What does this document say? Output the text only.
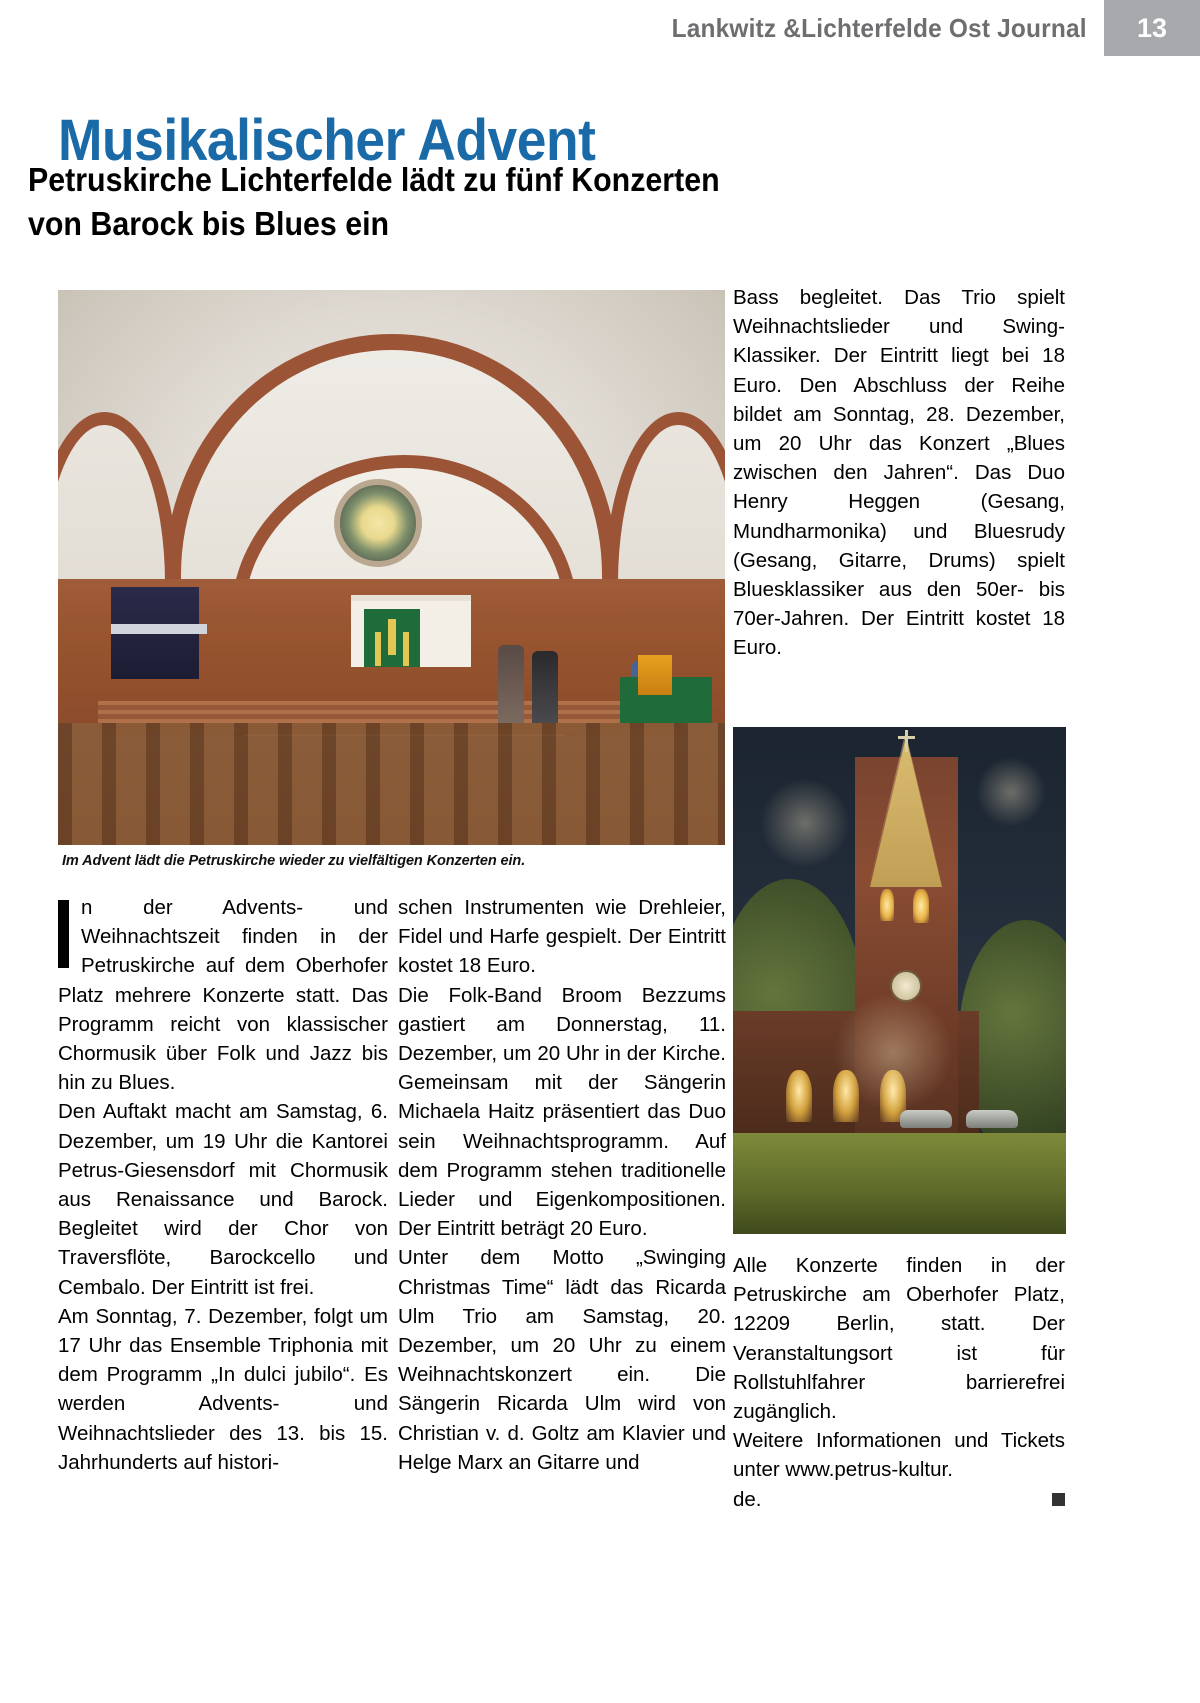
Lankwitz &Lichterfelde Ost Journal	13
Musikalischer Advent
Petruskirche Lichterfelde lädt zu fünf Konzerten
von Barock bis Blues ein
Im Advent lädt die Petruskirche wieder zu vielfältigen Konzerten ein.

Bass begleitet. Das Trio spielt Weihnachtslieder und Swing-Klassiker. Der Eintritt liegt bei 18 Euro. Den Abschluss der Reihe bildet am Sonntag, 28. Dezember, um 20 Uhr das Konzert „Blues zwischen den Jahren“. Das Duo Henry Heggen (Gesang, Mundharmonika) und Bluesrudy (Gesang, Gitarre, Drums) spielt Bluesklassiker aus den 50er- bis 70er-Jahren. Der Eintritt kostet 18 Euro.

n der Advents- und Weihnachtszeit finden in der Petruskirche auf dem Oberhofer Platz mehrere Konzerte statt. Das Programm reicht von klassischer Chormusik über Folk und Jazz bis hin zu Blues.

Den Auftakt macht am Samstag, 6. Dezember, um 19 Uhr die Kantorei Petrus-Giesensdorf mit Chormusik aus Renaissance und Barock. Begleitet wird der Chor von Traversflöte, Barockcello und Cembalo. Der Eintritt ist frei.

Am Sonntag, 7. Dezember, folgt um 17 Uhr das Ensemble Triphonia mit dem Programm „In dulci jubilo“. Es werden Advents- und Weihnachtslieder des 13. bis 15. Jahrhunderts auf histori-

schen Instrumenten wie Drehleier, Fidel und Harfe gespielt. Der Eintritt kostet 18 Euro.

Die Folk-Band Broom Bezzums gastiert am Donnerstag, 11. Dezember, um 20 Uhr in der Kirche. Gemeinsam mit der Sängerin Michaela Haitz präsentiert das Duo sein Weihnachtsprogramm. Auf dem Programm stehen traditionelle Lieder und Eigenkompositionen. Der Eintritt beträgt 20 Euro.

Unter dem Motto „Swinging Christmas Time“ lädt das Ricarda Ulm Trio am Samstag, 20. Dezember, um 20 Uhr zu einem Weihnachtskonzert ein. Die Sängerin Ricarda Ulm wird von Christian v. d. Goltz am Klavier und Helge Marx an Gitarre und

Alle Konzerte finden in der Petruskirche am Oberhofer Platz, 12209 Berlin, statt. Der Veranstaltungsort ist für Rollstuhlfahrer barrierefrei zugänglich.

Weitere Informationen und Tickets unter www.petrus-kultur.

de.
